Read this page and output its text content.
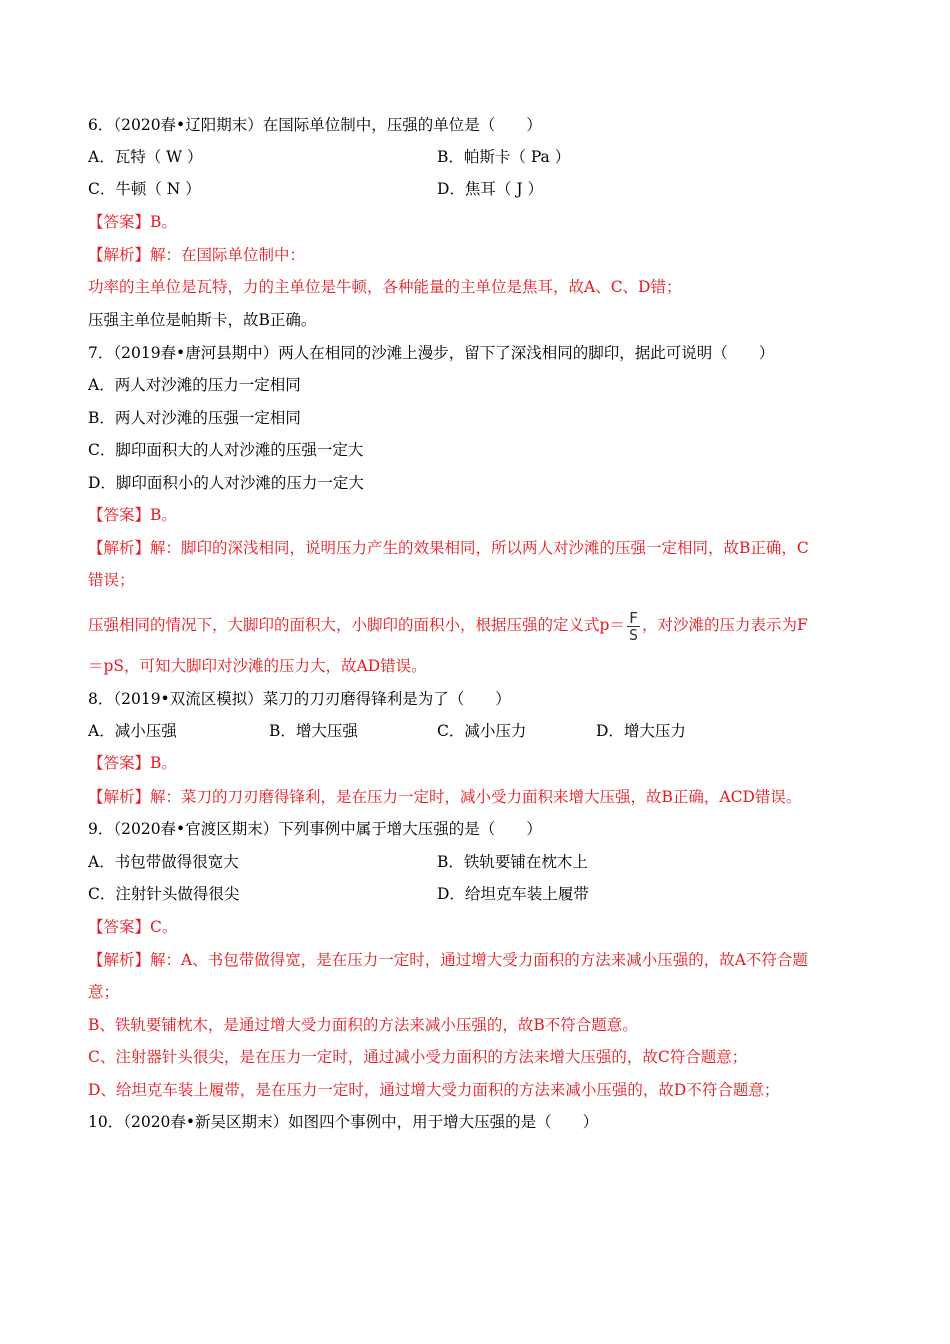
6．（2020春•辽阳期末）在国际单位制中，压强的单位是（　　）
A．瓦特（ W ）	B．帕斯卡（ Pa ）
C．牛顿（ N ）	D．焦耳（ J ）
【答案】B。
【解析】解：在国际单位制中：
功率的主单位是瓦特，力的主单位是牛顿，各种能量的主单位是焦耳，故A、C、D错；
压强主单位是帕斯卡，故B正确。
7．（2019春•唐河县期中）两人在相同的沙滩上漫步，留下了深浅相同的脚印，据此可说明（　　）
A．两人对沙滩的压力一定相同
B．两人对沙滩的压强一定相同
C．脚印面积大的人对沙滩的压强一定大
D．脚印面积小的人对沙滩的压力一定大
【答案】B。
【解析】解：脚印的深浅相同，说明压力产生的效果相同，所以两人对沙滩的压强一定相同，故B正确，C
错误；
压强相同的情况下，大脚印的面积大，小脚印的面积小，根据压强的定义式$p= \frac{F}{S}$ ，对沙滩的压力表示为F
＝pS，可知大脚印对沙滩的压力大，故AD错误。
8．（2019•双流区模拟）菜刀的刀刃磨得锋利是为了（　　）
A．减小压强	B．增大压强	C．减小压力	D．增大压力
【答案】B。
【解析】解：菜刀的刀刃磨得锋利，是在压力一定时，减小受力面积来增大压强，故B正确，ACD错误。
9．（2020春•官渡区期末）下列事例中属于增大压强的是（　　）
A．书包带做得很宽大	B．铁轨要铺在枕木上
C．注射针头做得很尖	D．给坦克车装上履带
【答案】C。
【解析】解：A、书包带做得宽，是在压力一定时，通过增大受力面积的方法来减小压强的，故A不符合题
意；
B、铁轨要铺枕木，是通过增大受力面积的方法来减小压强的，故B不符合题意。
C、注射器针头很尖，是在压力一定时，通过减小受力面积的方法来增大压强的，故C符合题意；
D、给坦克车装上履带，是在压力一定时，通过增大受力面积的方法来减小压强的，故D不符合题意；
10．（2020春•新吴区期末）如图四个事例中，用于增大压强的是（　　）
